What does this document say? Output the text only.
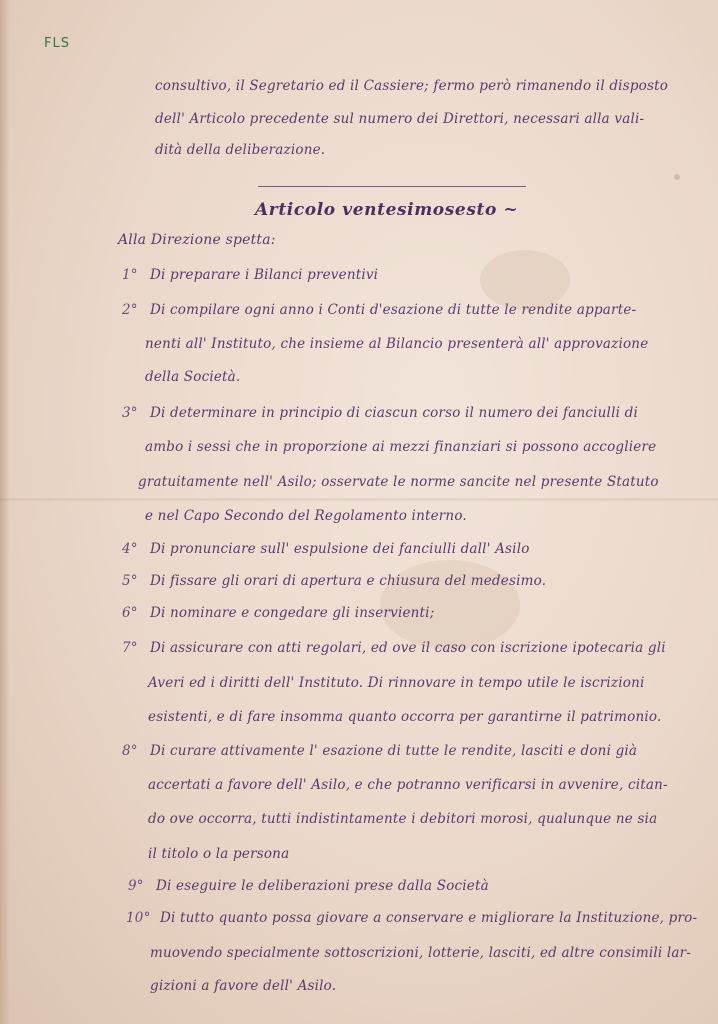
FLS
consultivo, il Segretario ed il Cassiere; fermo però rimanendo il disposto
dell' Articolo precedente sul numero dei Direttori, necessari alla vali-
dità della deliberazione.
Articolo ventesimosesto ~
Alla Direzione spetta:
1° Di preparare i Bilanci preventivi
2° Di compilare ogni anno i Conti d'esazione di tutte le rendite apparte-
nenti all' Instituto, che insieme al Bilancio presenterà all' approvazione
della Società.
3° Di determinare in principio di ciascun corso il numero dei fanciulli di
ambo i sessi che in proporzione ai mezzi finanziari si possono accogliere
gratuitamente nell' Asilo; osservate le norme sancite nel presente Statuto
e nel Capo Secondo del Regolamento interno.
4° Di pronunciare sull' espulsione dei fanciulli dall' Asilo
5° Di fissare gli orari di apertura e chiusura del medesimo.
6° Di nominare e congedare gli inservienti;
7° Di assicurare con atti regolari, ed ove il caso con iscrizione ipotecaria gli
Averi ed i diritti dell' Instituto. Di rinnovare in tempo utile le iscrizioni
esistenti, e di fare insomma quanto occorra per garantirne il patrimonio.
8° Di curare attivamente l' esazione di tutte le rendite, lasciti e doni già
accertati a favore dell' Asilo, e che potranno verificarsi in avvenire, citan-
do ove occorra, tutti indistintamente i debitori morosi, qualunque ne sia
il titolo o la persona
9° Di eseguire le deliberazioni prese dalla Società
10° Di tutto quanto possa giovare a conservare e migliorare la Instituzione, pro-
muovendo specialmente sottoscrizioni, lotterie, lasciti, ed altre consimili lar-
gizioni a favore dell' Asilo.
